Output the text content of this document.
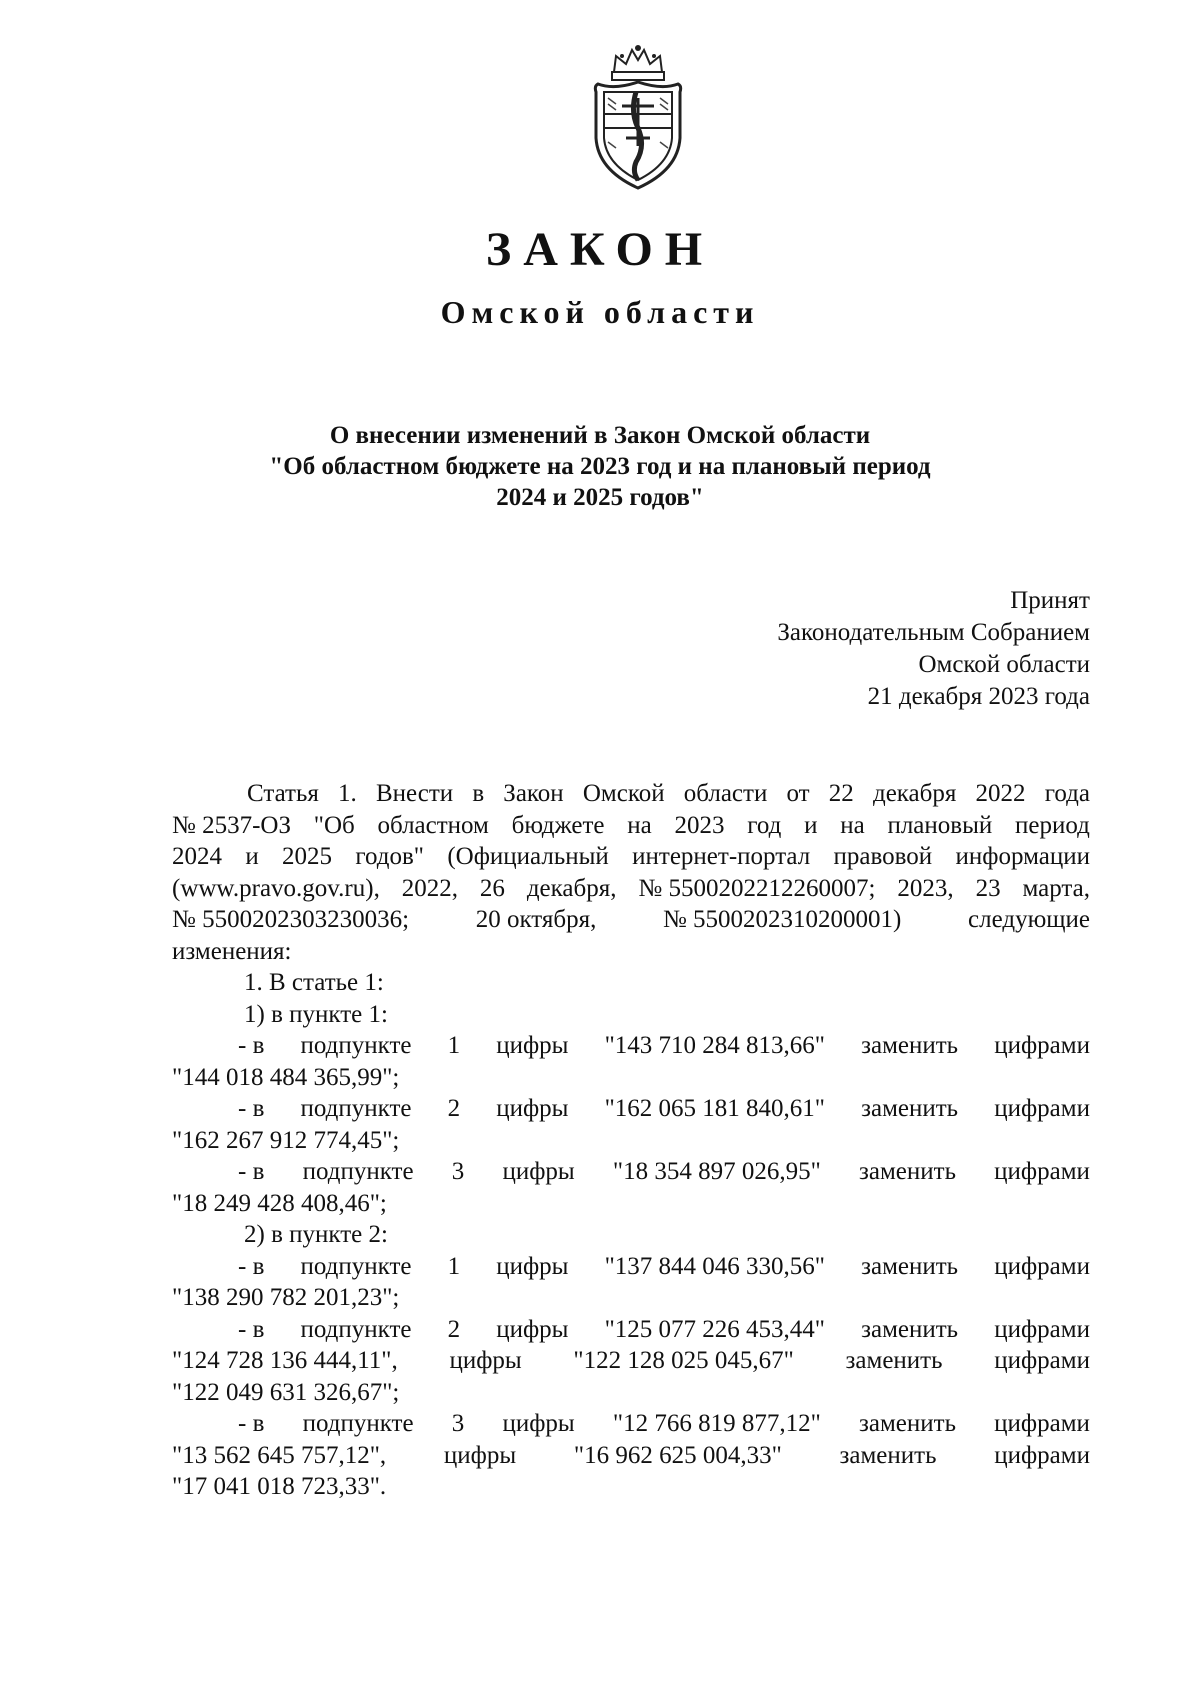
ЗАКОН
Омской области
О внесении изменений в Закон Омской области
"Об областном бюджете на 2023 год и на плановый период
2024 и 2025 годов"
Принят
Законодательным Собранием
Омской области
21 декабря 2023 года
Статья 1. Внести в Закон Омской области от 22 декабря 2022 года
№ 2537-ОЗ "Об областном бюджете на 2023 год и на плановый период
2024 и 2025 годов" (Официальный интернет-портал правовой информации
(www.pravo.gov.ru), 2022, 26 декабря, № 5500202212260007; 2023, 23 марта,
№ 5500202303230036;	20 октября,	№ 5500202310200001)	следующие
изменения:
1. В статье 1:
1) в пункте 1:
- в подпункте 1 цифры "143 710 284 813,66" заменить цифрами
"144 018 484 365,99";
- в подпункте 2 цифры "162 065 181 840,61" заменить цифрами
"162 267 912 774,45";
- в подпункте 3 цифры "18 354 897 026,95" заменить цифрами
"18 249 428 408,46";
2) в пункте 2:
- в подпункте 1 цифры "137 844 046 330,56" заменить цифрами
"138 290 782 201,23";
- в подпункте 2 цифры "125 077 226 453,44" заменить цифрами
"124 728 136 444,11", цифры "122 128 025 045,67" заменить цифрами
"122 049 631 326,67";
- в подпункте 3 цифры "12 766 819 877,12" заменить цифрами
"13 562 645 757,12", цифры "16 962 625 004,33" заменить цифрами
"17 041 018 723,33".
